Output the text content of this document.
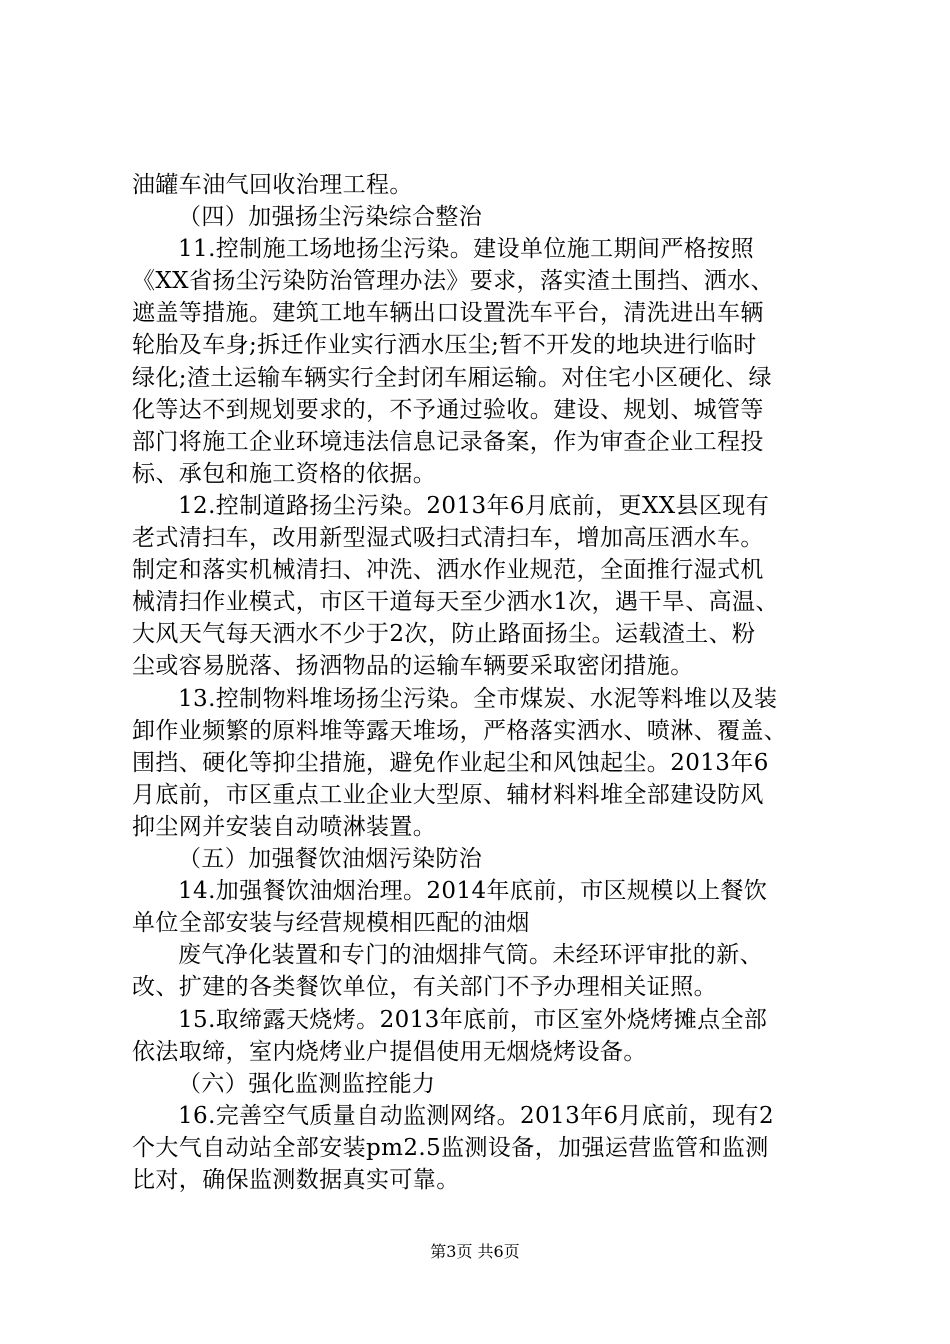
油罐车油气回收治理工程。
（四）加强扬尘污染综合整治
11.控制施工场地扬尘污染。建设单位施工期间严格按照
《XX省扬尘污染防治管理办法》要求，落实渣土围挡、洒水、
遮盖等措施。建筑工地车辆出口设置洗车平台，清洗进出车辆
轮胎及车身;拆迁作业实行洒水压尘;暂不开发的地块进行临时
绿化;渣土运输车辆实行全封闭车厢运输。对住宅小区硬化、绿
化等达不到规划要求的，不予通过验收。建设、规划、城管等
部门将施工企业环境违法信息记录备案，作为审查企业工程投
标、承包和施工资格的依据。
12.控制道路扬尘污染。2013年6月底前，更XX县区现有
老式清扫车，改用新型湿式吸扫式清扫车，增加高压洒水车。
制定和落实机械清扫、冲洗、洒水作业规范，全面推行湿式机
械清扫作业模式，市区干道每天至少洒水1次，遇干旱、高温、
大风天气每天洒水不少于2次，防止路面扬尘。运载渣土、粉
尘或容易脱落、扬洒物品的运输车辆要采取密闭措施。
13.控制物料堆场扬尘污染。全市煤炭、水泥等料堆以及装
卸作业频繁的原料堆等露天堆场，严格落实洒水、喷淋、覆盖、
围挡、硬化等抑尘措施，避免作业起尘和风蚀起尘。2013年6
月底前，市区重点工业企业大型原、辅材料料堆全部建设防风
抑尘网并安装自动喷淋装置。
（五）加强餐饮油烟污染防治
14.加强餐饮油烟治理。2014年底前，市区规模以上餐饮
单位全部安装与经营规模相匹配的油烟
废气净化装置和专门的油烟排气筒。未经环评审批的新、
改、扩建的各类餐饮单位，有关部门不予办理相关证照。
15.取缔露天烧烤。2013年底前，市区室外烧烤摊点全部
依法取缔，室内烧烤业户提倡使用无烟烧烤设备。
（六）强化监测监控能力
16.完善空气质量自动监测网络。2013年6月底前，现有2
个大气自动站全部安装pm2.5监测设备，加强运营监管和监测
比对，确保监测数据真实可靠。
第3页 共6页
